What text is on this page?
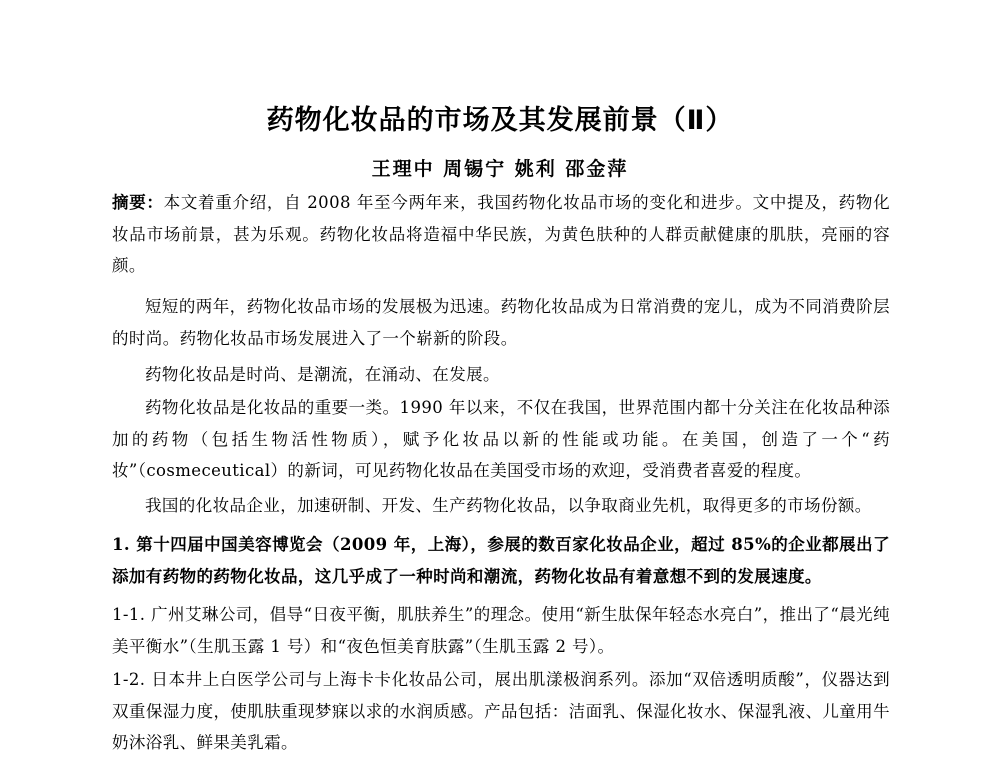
药物化妆品的市场及其发展前景（Ⅱ）
王理中 周锡宁 姚利 邵金萍
摘要：本文着重介绍，自 2008 年至今两年来，我国药物化妆品市场的变化和进步。文中提及，药物化妆品市场前景，甚为乐观。药物化妆品将造福中华民族，为黄色肤种的人群贡献健康的肌肤，亮丽的容颜。
短短的两年，药物化妆品市场的发展极为迅速。药物化妆品成为日常消费的宠儿，成为不同消费阶层的时尚。药物化妆品市场发展进入了一个崭新的阶段。
药物化妆品是时尚、是潮流，在涌动、在发展。
药物化妆品是化妆品的重要一类。1990 年以来，不仅在我国，世界范围内都十分关注在化妆品种添加的药物（包括生物活性物质），赋予化妆品以新的性能或功能。在美国，创造了一个“药妆”（cosmeceutical）的新词，可见药物化妆品在美国受市场的欢迎，受消费者喜爱的程度。
我国的化妆品企业，加速研制、开发、生产药物化妆品，以争取商业先机，取得更多的市场份额。
1. 第十四届中国美容博览会（2009 年，上海），参展的数百家化妆品企业，超过 85%的企业都展出了添加有药物的药物化妆品，这几乎成了一种时尚和潮流，药物化妆品有着意想不到的发展速度。
1-1. 广州艾琳公司，倡导“日夜平衡，肌肤养生”的理念。使用“新生肽保年轻态水亮白”，推出了“晨光纯美平衡水”（生肌玉露 1 号）和“夜色恒美育肤露”（生肌玉露 2 号）。
1-2. 日本井上白医学公司与上海卡卡化妆品公司，展出肌漾极润系列。添加“双倍透明质酸”，仪器达到双重保湿力度，使肌肤重现梦寐以求的水润质感。产品包括：洁面乳、保湿化妆水、保湿乳液、儿童用牛奶沐浴乳、鲜果美乳霜。
